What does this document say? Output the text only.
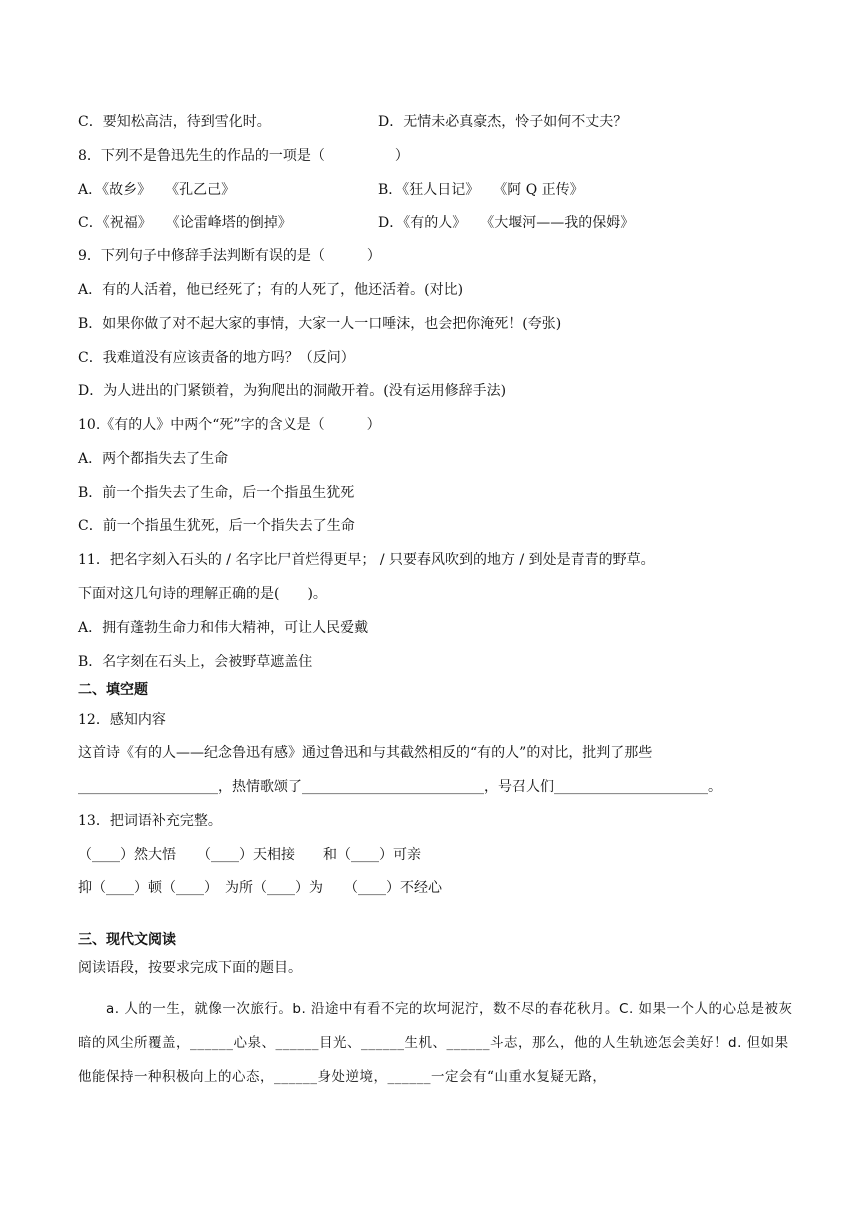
C．要知松高洁，待到雪化时。	D．无情未必真豪杰，怜子如何不丈夫？
8．下列不是鲁迅先生的作品的一项是（　　　　　）
A．《故乡》　　《孔乙己》	B．《狂人日记》　　《阿 Q 正传》
C．《祝福》　　《论雷峰塔的倒掉》	D．《有的人》　　《大堰河——我的保姆》
9．下列句子中修辞手法判断有误的是（　　　）
A．有的人活着，他已经死了；有的人死了，他还活着。(对比)
B．如果你做了对不起大家的事情，大家一人一口唾沫，也会把你淹死！(夸张)
C．我难道没有应该责备的地方吗？（反问）
D．为人进出的门紧锁着，为狗爬出的洞敞开着。(没有运用修辞手法)
10.《有的人》中两个“死”字的含义是（　　　）
A．两个都指失去了生命
B．前一个指失去了生命，后一个指虽生犹死
C．前一个指虽生犹死，后一个指失去了生命
11．把名字刻入石头的 / 名字比尸首烂得更早； / 只要春风吹到的地方 / 到处是青青的野草。
下面对这几句诗的理解正确的是(　　)。
A．拥有蓬勃生命力和伟大精神，可让人民爱戴
B．名字刻在石头上，会被野草遮盖住
二、填空题
12．感知内容
这首诗《有的人——纪念鲁迅有感》通过鲁迅和与其截然相反的“有的人”的对比，批判了那些
____________________，热情歌颂了__________________________，号召人们______________________。
13．把词语补充完整。
（____）然大悟　　（____）天相接　　和（____）可亲
抑（____）顿（____）　为所（____）为　　（____）不经心
三、现代文阅读
阅读语段，按要求完成下面的题目。
a. 人的一生，就像一次旅行。b. 沿途中有看不完的坎坷泥泞，数不尽的春花秋月。C. 如果一个人的心总是被灰暗的风尘所覆盖，______心泉、______目光、______生机、______斗志，那么，他的人生轨迹怎会美好！d. 但如果他能保持一种积极向上的心态，______身处逆境，______一定会有“山重水复疑无路，
